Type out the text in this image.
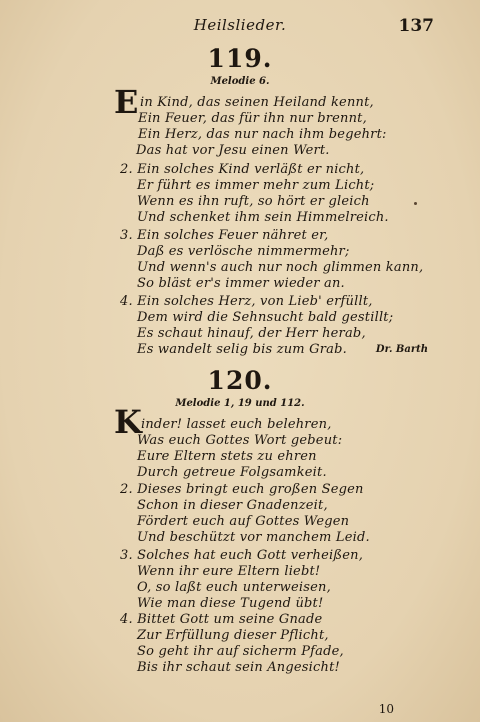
Heilslieder.	137
119.
Melodie 6.
E in Kind, das seinen Heiland kennt,
Ein Feuer, das für ihn nur brennt,
Ein Herz, das nur nach ihm begehrt:
Das hat vor Jesu einen Wert.
2. Ein solches Kind verläßt er nicht,
Er führt es immer mehr zum Licht;
Wenn es ihn ruft, so hört er gleich
Und schenket ihm sein Himmelreich.
3. Ein solches Feuer nähret er,
Daß es verlösche nimmermehr;
Und wenn's auch nur noch glimmen kann,
So bläst er's immer wieder an.
4. Ein solches Herz, von Lieb' erfüllt,
Dem wird die Sehnsucht bald gestillt;
Es schaut hinauf, der Herr herab,
Es wandelt selig bis zum Grab.	Dr. Barth
120.
Melodie 1, 19 und 112.
K inder! lasset euch belehren,
Was euch Gottes Wort gebeut:
Eure Eltern stets zu ehren
Durch getreue Folgsamkeit.
2. Dieses bringt euch großen Segen
Schon in dieser Gnadenzeit,
Fördert euch auf Gottes Wegen
Und beschützt vor manchem Leid.
3. Solches hat euch Gott verheißen,
Wenn ihr eure Eltern liebt!
O, so laßt euch unterweisen,
Wie man diese Tugend übt!
4. Bittet Gott um seine Gnade
Zur Erfüllung dieser Pflicht,
So geht ihr auf sicherm Pfade,
Bis ihr schaut sein Angesicht!
10
